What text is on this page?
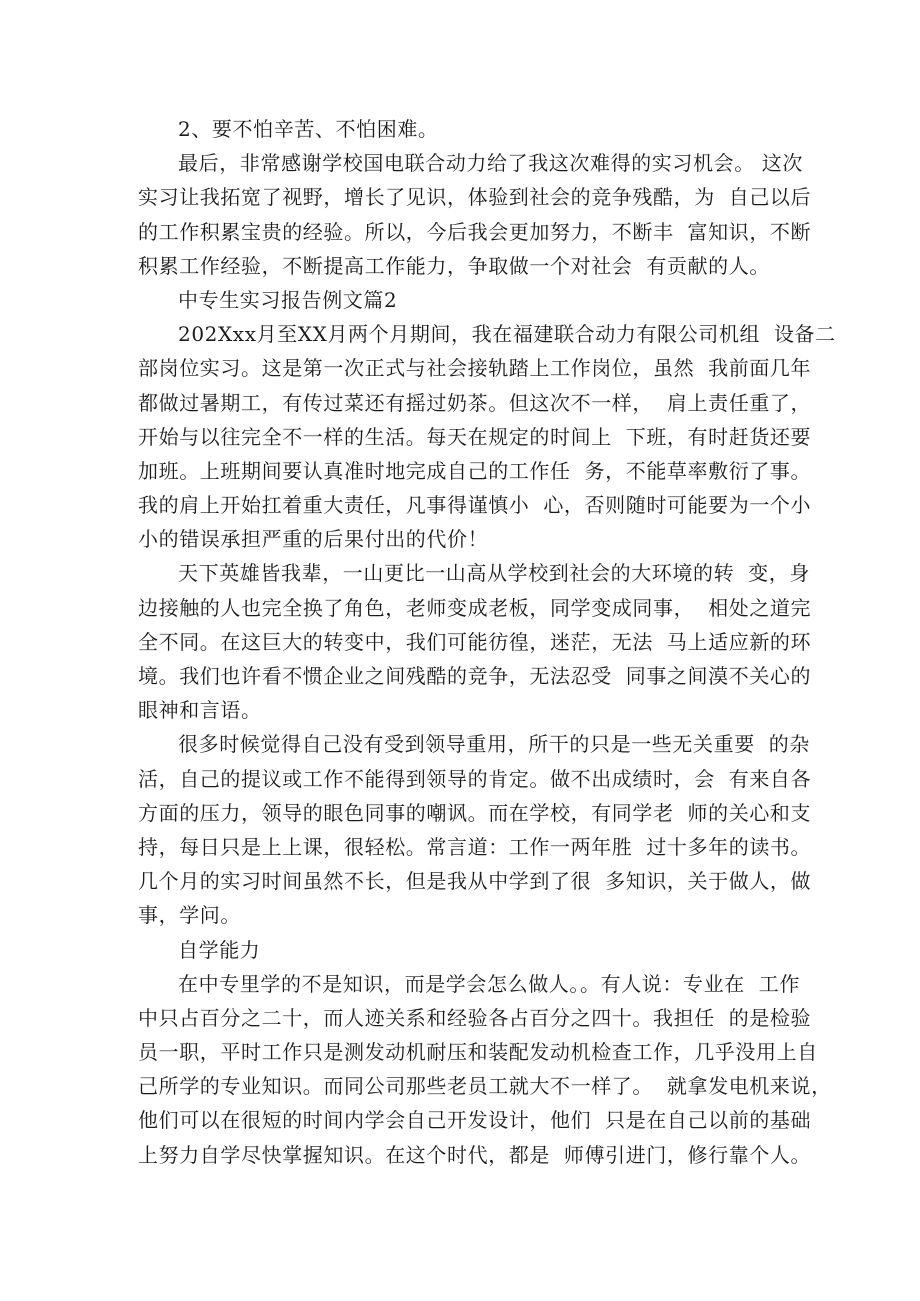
2、要不怕辛苦、不怕困难。
最后，非常感谢学校国电联合动力给了我这次难得的实习机会。 这次
实习让我拓宽了视野，增长了见识，体验到社会的竞争残酷，为  自己以后
的工作积累宝贵的经验。所以，今后我会更加努力，不断丰  富知识，不断
积累工作经验，不断提高工作能力，争取做一个对社会  有贡献的人。
中专生实习报告例文篇2
202Xxx月至XX月两个月期间，我在福建联合动力有限公司机组  设备二
部岗位实习。这是第一次正式与社会接轨踏上工作岗位，虽然  我前面几年
都做过暑期工，有传过菜还有摇过奶茶。但这次不一样，  肩上责任重了，
开始与以往完全不一样的生活。每天在规定的时间上  下班，有时赶货还要
加班。上班期间要认真准时地完成自己的工作任  务，不能草率敷衍了事。
我的肩上开始扛着重大责任，凡事得谨慎小  心，否则随时可能要为一个小
小的错误承担严重的后果付出的代价！
天下英雄皆我辈，一山更比一山高从学校到社会的大环境的转  变，身
边接触的人也完全换了角色，老师变成老板，同学变成同事，  相处之道完
全不同。在这巨大的转变中，我们可能彷徨，迷茫，无法  马上适应新的环
境。我们也许看不惯企业之间残酷的竞争，无法忍受  同事之间漠不关心的
眼神和言语。
很多时候觉得自己没有受到领导重用，所干的只是一些无关重要  的杂
活，自己的提议或工作不能得到领导的肯定。做不出成绩时，会  有来自各
方面的压力，领导的眼色同事的嘲讽。而在学校，有同学老  师的关心和支
持，每日只是上上课，很轻松。常言道：工作一两年胜  过十多年的读书。
几个月的实习时间虽然不长，但是我从中学到了很  多知识，关于做人，做
事，学问。
自学能力
在中专里学的不是知识，而是学会怎么做人。。有人说：专业在  工作
中只占百分之二十，而人迹关系和经验各占百分之四十。我担任  的是检验
员一职，平时工作只是测发动机耐压和装配发动机检查工作，几乎没用上自
己所学的专业知识。而同公司那些老员工就大不一样了。  就拿发电机来说，
他们可以在很短的时间内学会自己开发设计，他们  只是在自己以前的基础
上努力自学尽快掌握知识。在这个时代，都是  师傅引进门，修行靠个人。
